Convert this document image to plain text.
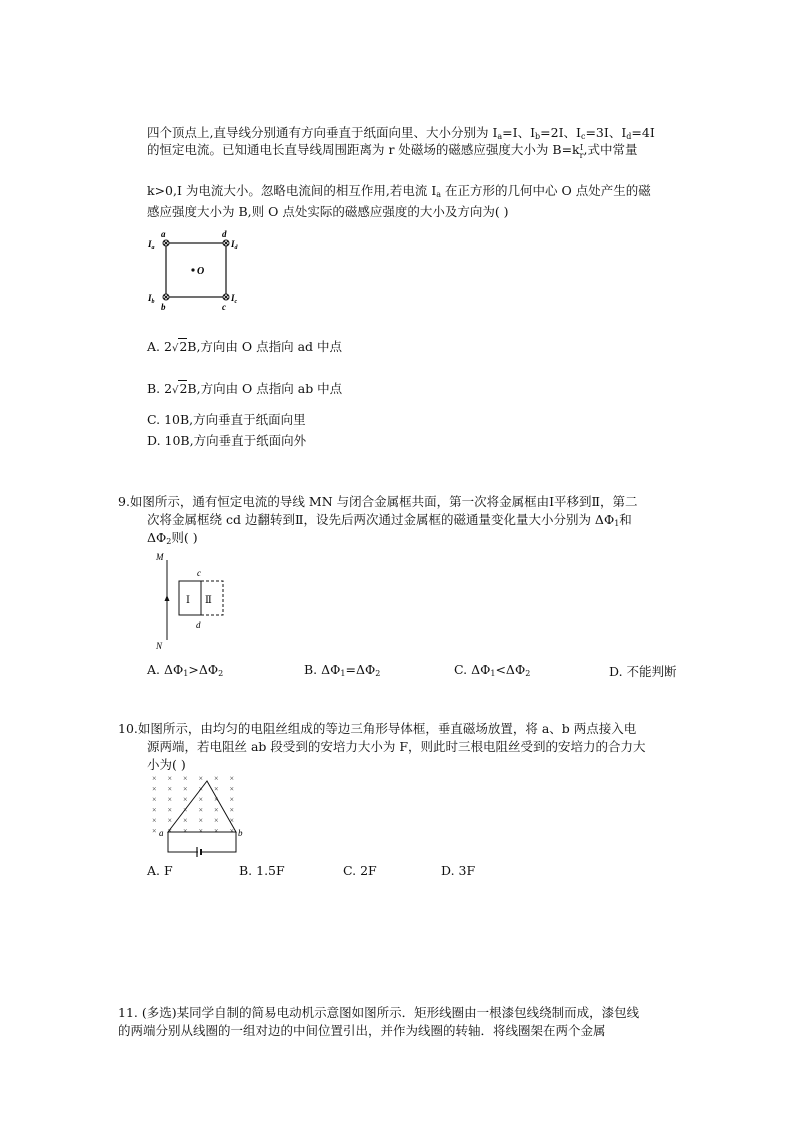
四个顶点上,直导线分别通有方向垂直于纸面向里、大小分别为 $I_a=I$、$I_b=2I$、$I_c=3I$、$I_d=4I$
的恒定电流。已知通电长直导线周围距离为 r 处磁场的磁感应强度大小为 B=k I
r ,式中常量
k>0,I 为电流大小。忽略电流间的相互作用,若电流 $I_a$ 在正方形的几何中心 O 点处产生的磁
感应强度大小为 B,则 O 点处实际的磁感应强度的大小及方向为( )
O
a	d
b	c
$I_a$	$I_d$
$I_b$	$I_c$
A. 2√2B,方向由 O 点指向 ad 中点
B. 2√2B,方向由 O 点指向 ab 中点
C. 10B,方向垂直于纸面向里
D. 10B,方向垂直于纸面向外
9.如图所示，通有恒定电流的导线 MN 与闭合金属框共面，第一次将金属框由Ⅰ平移到Ⅱ，第二
次将金属框绕 cd 边翻转到Ⅱ，设先后两次通过金属框的磁通量变化量大小分别为 $\Delta\Phi_1$和
$\Delta\Phi_2$则( )
M
N
c
d
Ⅰ Ⅱ
A. $\Delta\Phi_1>\Delta\Phi_2$	B. $\Delta\Phi_1=\Delta\Phi_2$	C. $\Delta\Phi_1<\Delta\Phi_2$	D. 不能判断
10.如图所示，由均匀的电阻丝组成的等边三角形导体框，垂直磁场放置，将 a、b 两点接入电
源两端，若电阻丝 ab 段受到的安培力大小为 F，则此时三根电阻丝受到的安培力的合力大
小为( )
× × × × × ×
× × × × × ×
× × × × × ×
× × × × × ×
× × × × × ×
× × × × × ×
a	b
A. F	B. 1.5F	C. 2F	D. 3F
11. (多选)某同学自制的简易电动机示意图如图所示．矩形线圈由一根漆包线绕制而成，漆包线
的两端分别从线圈的一组对边的中间位置引出，并作为线圈的转轴．将线圈架在两个金属
